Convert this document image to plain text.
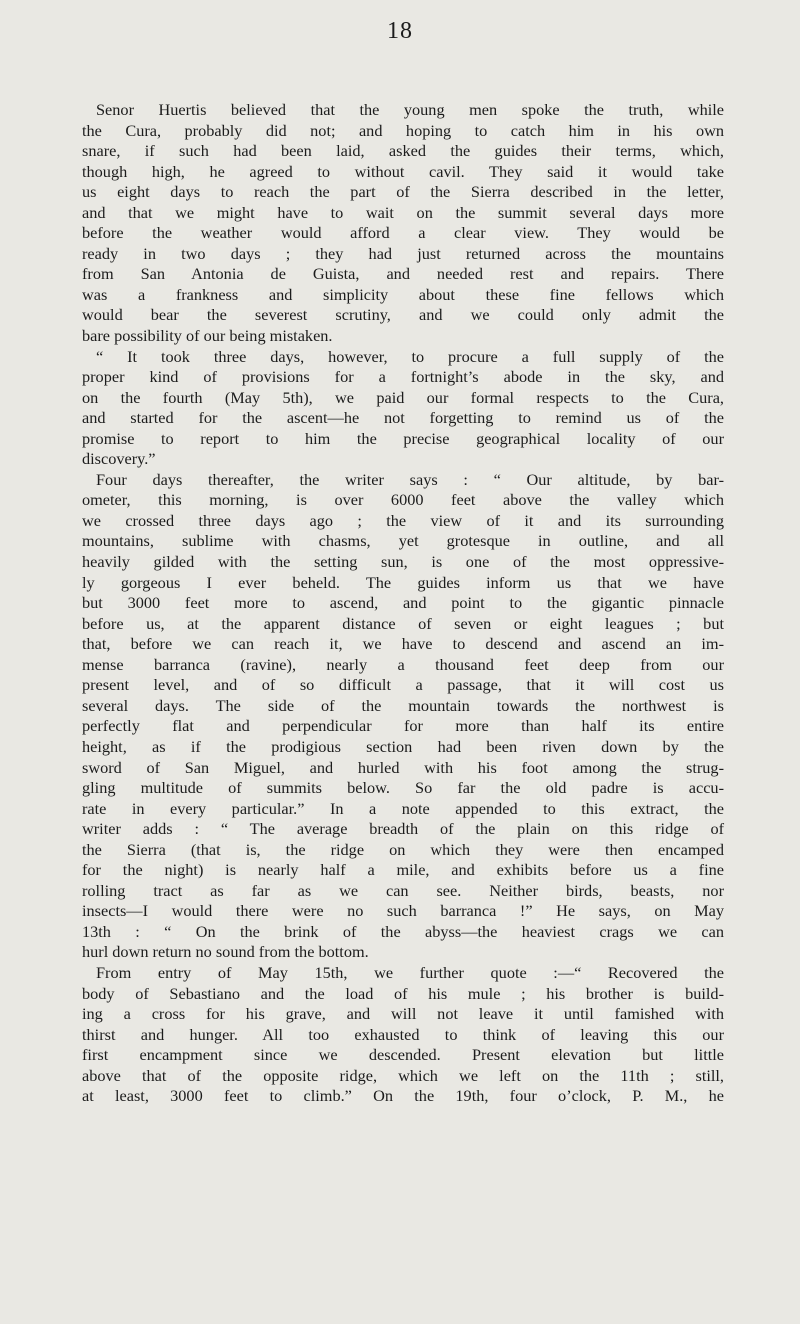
18
Senor Huertis believed that the young men spoke the truth, while
the Cura, probably did not; and hoping to catch him in his own
snare, if such had been laid, asked the guides their terms, which,
though high, he agreed to without cavil. They said it would take
us eight days to reach the part of the Sierra described in the letter,
and that we might have to wait on the summit several days more
before the weather would afford a clear view. They would be
ready in two days ; they had just returned across the mountains
from San Antonia de Guista, and needed rest and repairs. There
was a frankness and simplicity about these fine fellows which
would bear the severest scrutiny, and we could only admit the
bare possibility of our being mistaken.
“ It took three days, however, to procure a full supply of the
proper kind of provisions for a fortnight’s abode in the sky, and
on the fourth (May 5th), we paid our formal respects to the Cura,
and started for the ascent—he not forgetting to remind us of the
promise to report to him the precise geographical locality of our
discovery.”
Four days thereafter, the writer says : “ Our altitude, by bar-
ometer, this morning, is over 6000 feet above the valley which
we crossed three days ago ; the view of it and its surrounding
mountains, sublime with chasms, yet grotesque in outline, and all
heavily gilded with the setting sun, is one of the most oppressive-
ly gorgeous I ever beheld. The guides inform us that we have
but 3000 feet more to ascend, and point to the gigantic pinnacle
before us, at the apparent distance of seven or eight leagues ; but
that, before we can reach it, we have to descend and ascend an im-
mense barranca (ravine), nearly a thousand feet deep from our
present level, and of so difficult a passage, that it will cost us
several days. The side of the mountain towards the northwest is
perfectly flat and perpendicular for more than half its entire
height, as if the prodigious section had been riven down by the
sword of San Miguel, and hurled with his foot among the strug-
gling multitude of summits below. So far the old padre is accu-
rate in every particular.” In a note appended to this extract, the
writer adds : “ The average breadth of the plain on this ridge of
the Sierra (that is, the ridge on which they were then encamped
for the night) is nearly half a mile, and exhibits before us a fine
rolling tract as far as we can see. Neither birds, beasts, nor
insects—I would there were no such barranca !” He says, on May
13th : “ On the brink of the abyss—the heaviest crags we can
hurl down return no sound from the bottom.
From entry of May 15th, we further quote :—“ Recovered the
body of Sebastiano and the load of his mule ; his brother is build-
ing a cross for his grave, and will not leave it until famished with
thirst and hunger. All too exhausted to think of leaving this our
first encampment since we descended. Present elevation but little
above that of the opposite ridge, which we left on the 11th ; still,
at least, 3000 feet to climb.” On the 19th, four o’clock, P. M., he
